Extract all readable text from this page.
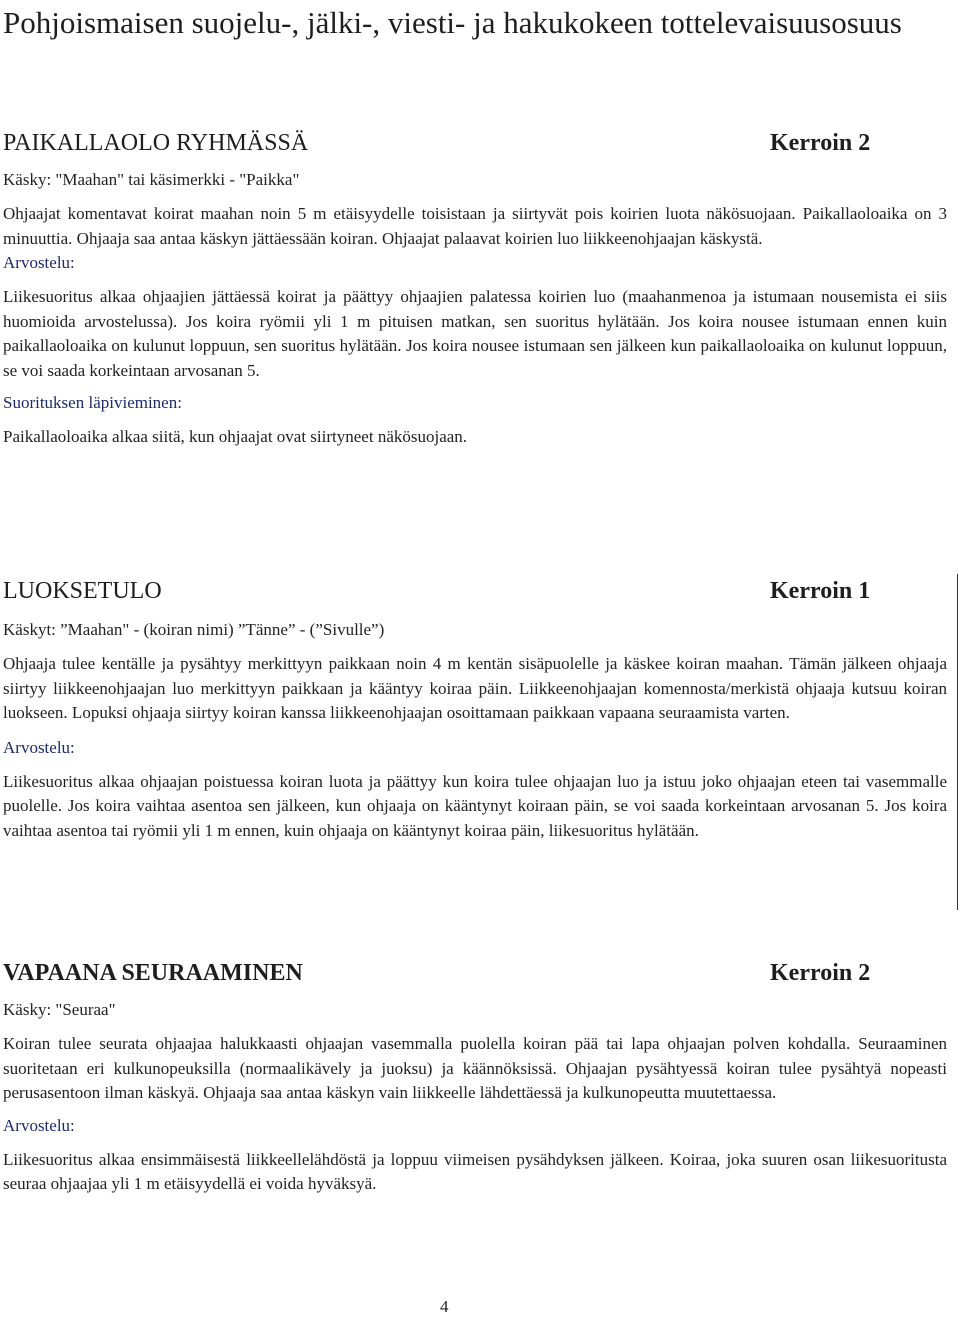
Pohjoismaisen suojelu-, jälki-, viesti- ja hakukokeen tottelevaisuusosuus
PAIKALLAOLO RYHMÄSSÄ	Kerroin 2

Käsky: "Maahan" tai käsimerkki - "Paikka"

Ohjaajat komentavat koirat maahan noin 5 m etäisyydelle toisistaan ja siirtyvät pois koirien luota näkösuojaan. Paikallaoloaika on 3 minuuttia. Ohjaaja saa antaa käskyn jättäessään koiran. Ohjaajat palaavat koirien luo liikkeenohjaajan käskystä.

Arvostelu:

Liikesuoritus alkaa ohjaajien jättäessä koirat ja päättyy ohjaajien palatessa koirien luo (maahanmenoa ja istumaan nousemista ei siis huomioida arvostelussa). Jos koira ryömii yli 1 m pituisen matkan, sen suoritus hylätään. Jos koira nousee istumaan ennen kuin paikallaoloaika on kulunut loppuun, sen suoritus hylätään. Jos koira nousee istumaan sen jälkeen kun paikallaoloaika on kulunut loppuun, se voi saada korkeintaan arvosanan 5.

Suorituksen läpivieminen:

Paikallaoloaika alkaa siitä, kun ohjaajat ovat siirtyneet näkösuojaan.

LUOKSETULO	Kerroin 1

Käskyt: ”Maahan" - (koiran nimi) ”Tänne” - (”Sivulle”)

Ohjaaja tulee kentälle ja pysähtyy merkittyyn paikkaan noin 4 m kentän sisäpuolelle ja käskee koiran maahan. Tämän jälkeen ohjaaja siirtyy liikkeenohjaajan luo merkittyyn paikkaan ja kääntyy koiraa päin. Liikkeenohjaajan komennosta/merkistä ohjaaja kutsuu koiran luokseen. Lopuksi ohjaaja siirtyy koiran kanssa liikkeenohjaajan osoittamaan paikkaan vapaana seuraamista varten.

Arvostelu:

Liikesuoritus alkaa ohjaajan poistuessa koiran luota ja päättyy kun koira tulee ohjaajan luo ja istuu joko ohjaajan eteen tai vasemmalle puolelle. Jos koira vaihtaa asentoa sen jälkeen, kun ohjaaja on kääntynyt koiraan päin, se voi saada korkeintaan arvosanan 5. Jos koira vaihtaa asentoa tai ryömii yli 1 m ennen, kuin ohjaaja on kääntynyt koiraa päin, liikesuoritus hylätään.

VAPAANA SEURAAMINEN	Kerroin 2

Käsky: "Seuraa"

Koiran tulee seurata ohjaajaa halukkaasti ohjaajan vasemmalla puolella koiran pää tai lapa ohjaajan polven kohdalla. Seuraaminen suoritetaan eri kulkunopeuksilla (normaalikävely ja juoksu) ja käännöksissä. Ohjaajan pysähtyessä koiran tulee pysähtyä nopeasti perusasentoon ilman käskyä. Ohjaaja saa antaa käskyn vain liikkeelle lähdettäessä ja kulkunopeutta muutettaessa.

Arvostelu:

Liikesuoritus alkaa ensimmäisestä liikkeellelähdöstä ja loppuu viimeisen pysähdyksen jälkeen. Koiraa, joka suuren osan liikesuoritusta seuraa ohjaajaa yli 1 m etäisyydellä ei voida hyväksyä.

4
